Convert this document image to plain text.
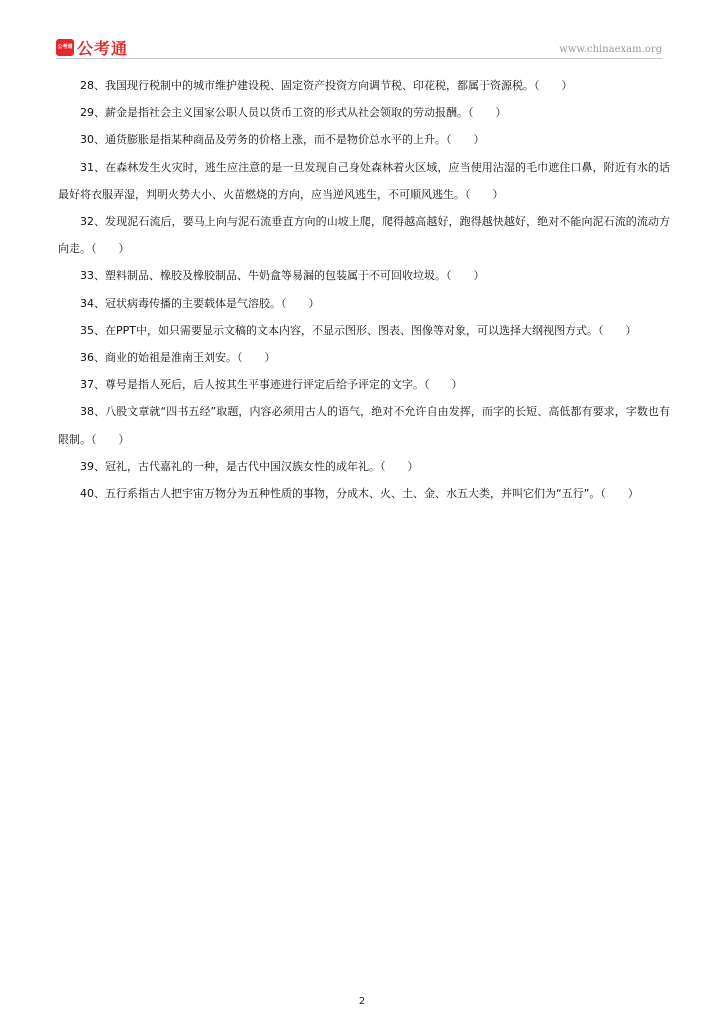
公考通 公考通	www.chinaexam.org

28、我国现行税制中的城市维护建设税、固定资产投资方向调节税、印花税，都属于资源税。（　　）

29、薪金是指社会主义国家公职人员以货币工资的形式从社会领取的劳动报酬。（　　）

30、通货膨胀是指某种商品及劳务的价格上涨，而不是物价总水平的上升。（　　）

31、在森林发生火灾时，逃生应注意的是一旦发现自己身处森林着火区域，应当使用沾湿的毛巾遮住口鼻，附近有水的话最好将衣服弄湿，判明火势大小、火苗燃烧的方向，应当逆风逃生，不可顺风逃生。（　　）

32、发现泥石流后，要马上向与泥石流垂直方向的山坡上爬，爬得越高越好，跑得越快越好，绝对不能向泥石流的流动方向走。（　　）

33、塑料制品、橡胶及橡胶制品、牛奶盒等易漏的包装属于不可回收垃圾。（　　）

34、冠状病毒传播的主要载体是气溶胶。（　　）

35、在PPT中，如只需要显示文稿的文本内容，不显示图形、图表、图像等对象，可以选择大纲视图方式。（　　）

36、商业的始祖是淮南王刘安。（　　）

37、尊号是指人死后，后人按其生平事迹进行评定后给予评定的文字。（　　）

38、八股文章就“四书五经”取题，内容必须用古人的语气，绝对不允许自由发挥，而字的长短、高低都有要求，字数也有限制。（　　）

39、冠礼，古代嘉礼的一种，是古代中国汉族女性的成年礼。（　　）

40、五行系指古人把宇宙万物分为五种性质的事物，分成木、火、土、金、水五大类，并叫它们为“五行”。（　　）

2
